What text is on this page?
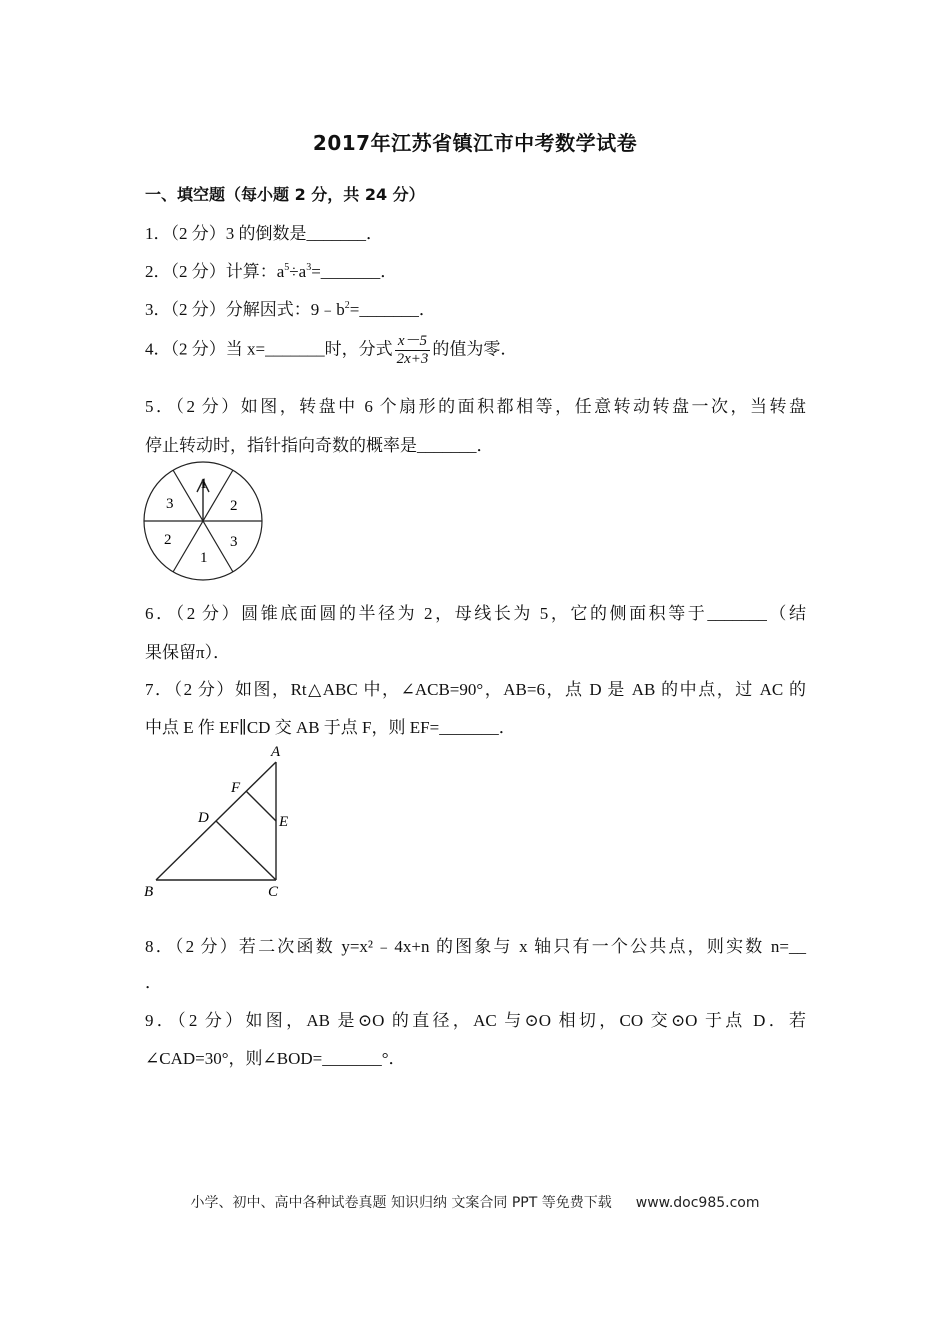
2017年江苏省镇江市中考数学试卷
一、填空题（每小题 2 分，共 24 分）
1．（2 分）3 的倒数是_______．
2．（2 分）计算：$a^5\div a^3=\_\_\_\_\_\_\_$．
3．（2 分）分解因式：$9﹣b^2=\_\_\_\_\_\_\_$．
4．（2 分）当 x=_______时，分式 $\frac{x-5}{2x+3}$ 的值为零．
5．（2 分）如图，转盘中 6 个扇形的面积都相等，任意转动转盘一次，当转盘
停止转动时，指针指向奇数的概率是_______．
1
2
3
1
2
3
6．（2 分）圆锥底面圆的半径为 2，母线长为 5，它的侧面积等于_______（结
果保留π）．
7．（2 分）如图，Rt△ABC 中，∠ACB=90°，AB=6，点 D 是 AB 的中点，过 AC 的
中点 E 作 EF∥CD 交 AB 于点 F，则 EF=_______．
A
B	C
D	E
F
8．（2 分）若二次函数 y=x²﹣4x+n 的图象与 x 轴只有一个公共点，则实数 n=__
．
9．（2 分）如图，AB 是⊙O 的直径，AC 与⊙O 相切，CO 交⊙O 于点 D．若
∠CAD=30°，则∠BOD=_______°．
小学、初中、高中各种试卷真题 知识归纳 文案合同 PPT 等免费下载 www.doc985.com
